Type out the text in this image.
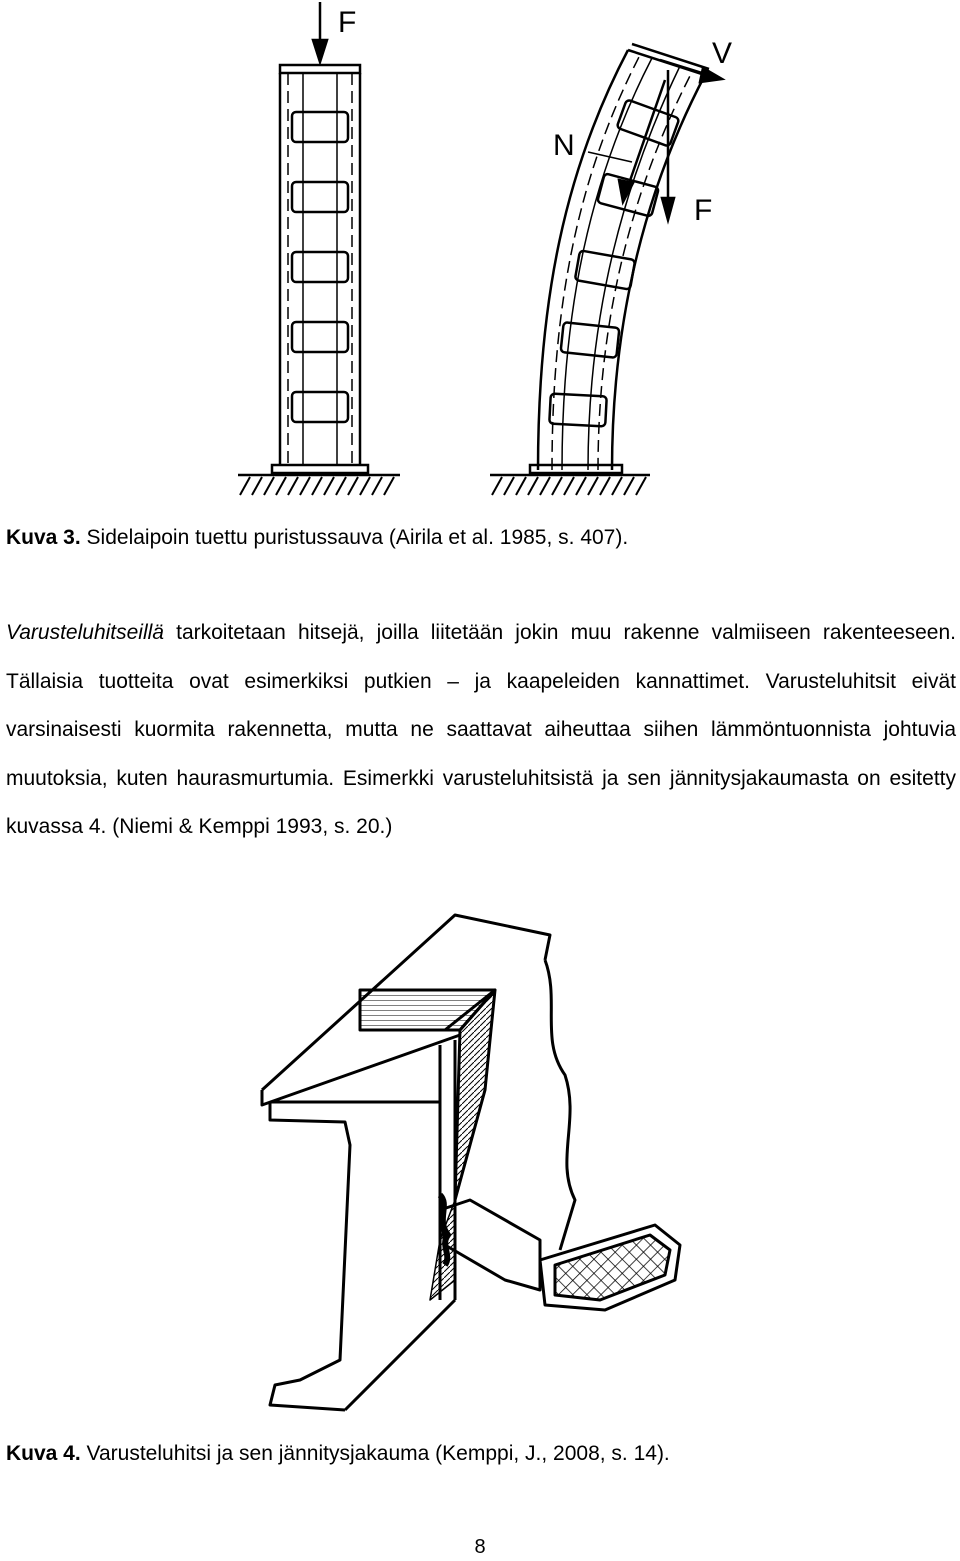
F
V
N
F
Kuva 3. Sidelaipoin tuettu puristussauva (Airila et al. 1985, s. 407).
Varusteluhitseillä tarkoitetaan hitsejä, joilla liitetään jokin muu rakenne valmiiseen rakenteeseen. Tällaisia tuotteita ovat esimerkiksi putkien – ja kaapeleiden kannattimet. Varusteluhitsit eivät varsinaisesti kuormita rakennetta, mutta ne saattavat aiheuttaa siihen lämmöntuonnista johtuvia muutoksia, kuten haurasmurtumia. Esimerkki varusteluhitsistä ja sen jännitysjakaumasta on esitetty kuvassa 4. (Niemi & Kemppi 1993, s. 20.)
Kuva 4. Varusteluhitsi ja sen jännitysjakauma (Kemppi, J., 2008, s. 14).
8
